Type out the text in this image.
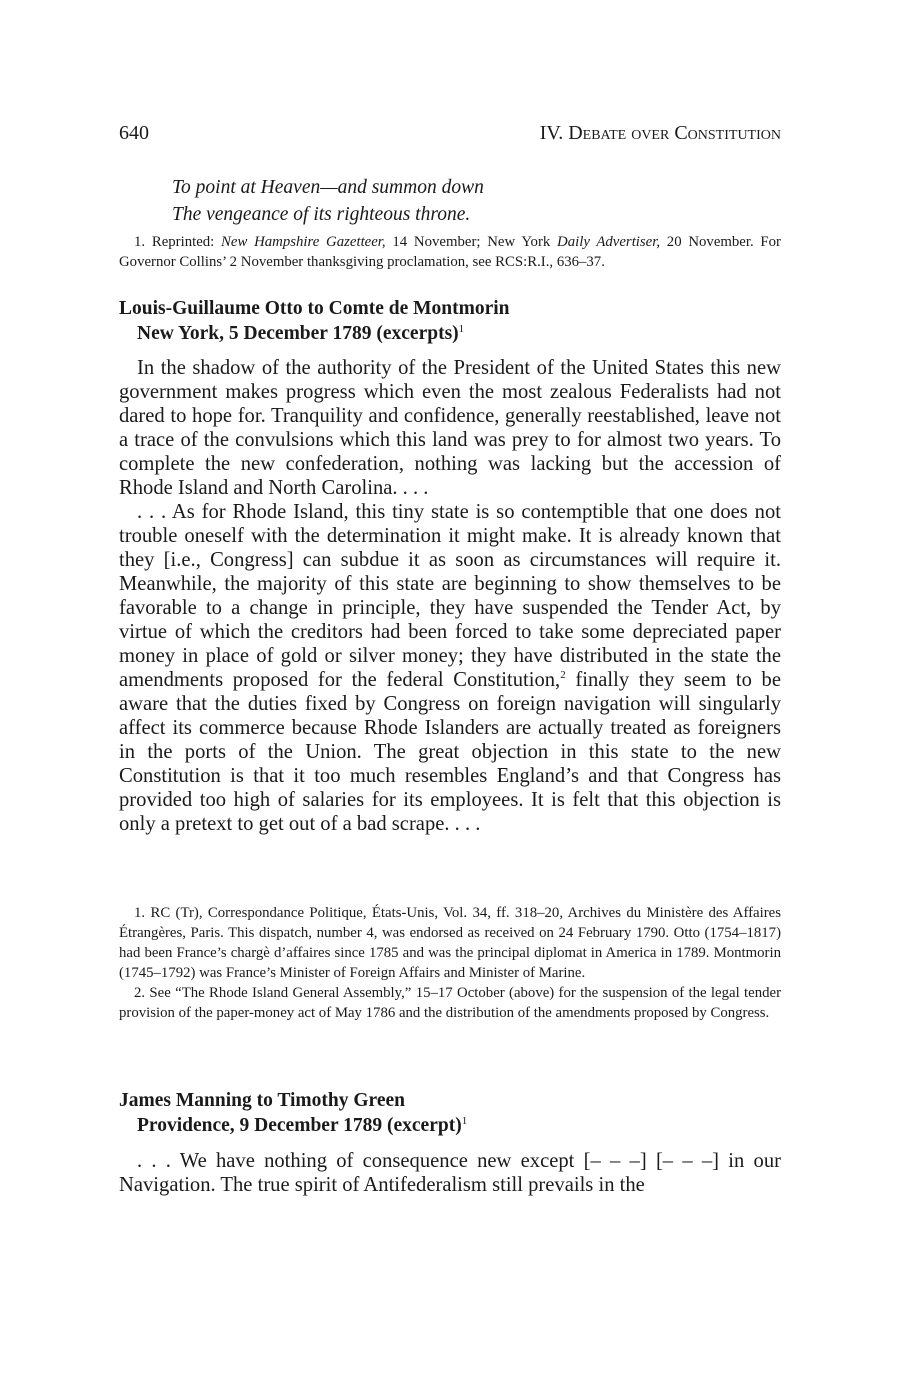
640	IV. Debate over Constitution
To point at Heaven—and summon down
The vengeance of its righteous throne.
1. Reprinted: New Hampshire Gazetteer, 14 November; New York Daily Advertiser, 20 November. For Governor Collins’ 2 November thanksgiving proclamation, see RCS:R.I., 636–37.
Louis-Guillaume Otto to Comte de Montmorin
New York, 5 December 1789 (excerpts)$^1$

In the shadow of the authority of the President of the United States this new government makes progress which even the most zealous Federalists had not dared to hope for. Tranquility and confidence, generally reestablished, leave not a trace of the convulsions which this land was prey to for almost two years. To complete the new confederation, nothing was lacking but the accession of Rhode Island and North Carolina. . . .

. . . As for Rhode Island, this tiny state is so contemptible that one does not trouble oneself with the determination it might make. It is already known that they [i.e., Congress] can subdue it as soon as circumstances will require it. Meanwhile, the majority of this state are beginning to show themselves to be favorable to a change in principle, they have suspended the Tender Act, by virtue of which the creditors had been forced to take some depreciated paper money in place of gold or silver money; they have distributed in the state the amendments proposed for the federal Constitution,$^2$ finally they seem to be aware that the duties fixed by Congress on foreign navigation will singularly affect its commerce because Rhode Islanders are actually treated as foreigners in the ports of the Union. The great objection in this state to the new Constitution is that it too much resembles England’s and that Congress has provided too high of salaries for its employees. It is felt that this objection is only a pretext to get out of a bad scrape. . . .

1. RC (Tr), Correspondance Politique, États-Unis, Vol. 34, ff. 318–20, Archives du Ministère des Affaires Étrangères, Paris. This dispatch, number 4, was endorsed as received on 24 February 1790. Otto (1754–1817) had been France’s chargè d’affaires since 1785 and was the principal diplomat in America in 1789. Montmorin (1745–1792) was France’s Minister of Foreign Affairs and Minister of Marine.
2. See “The Rhode Island General Assembly,” 15–17 October (above) for the suspension of the legal tender provision of the paper-money act of May 1786 and the distribution of the amendments proposed by Congress.
James Manning to Timothy Green
Providence, 9 December 1789 (excerpt)$^1$

. . . We have nothing of consequence new except [– – –] [– – –] in our Navigation. The true spirit of Antifederalism still prevails in the
